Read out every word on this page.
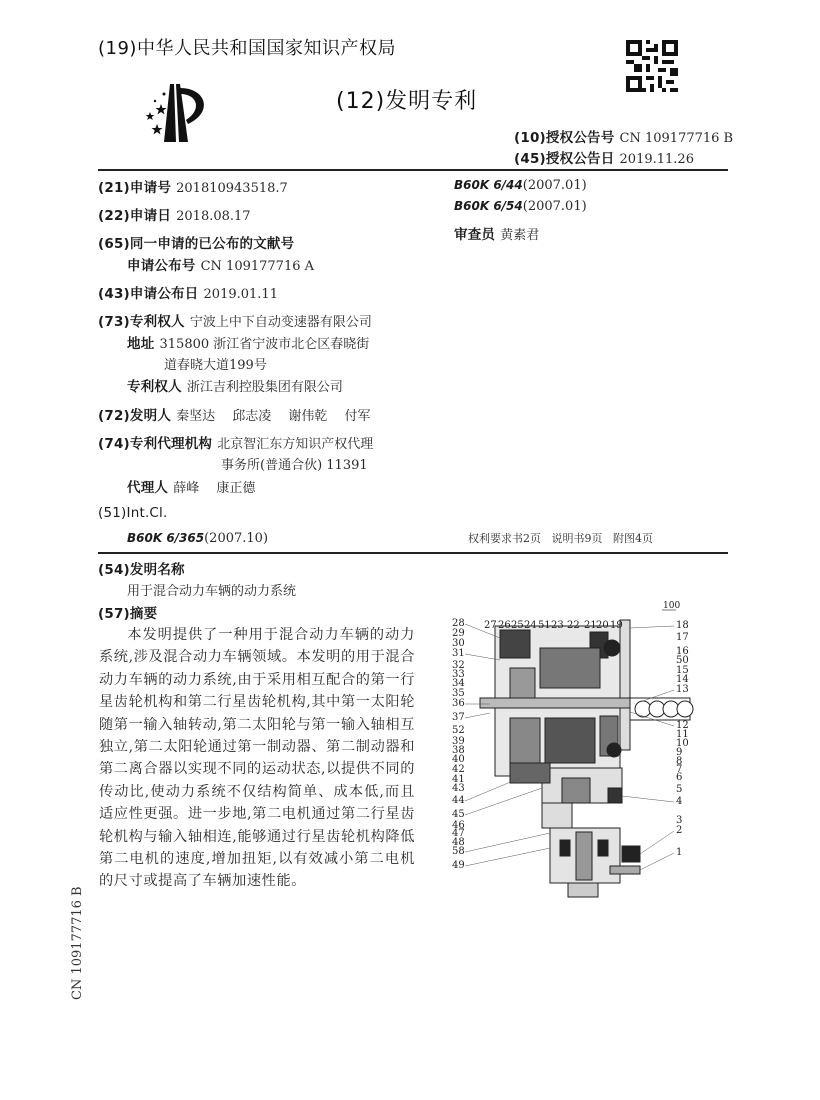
(19)中华人民共和国国家知识产权局
(12)发明专利
(10)授权公告号 CN 109177716 B
(45)授权公告日 2019.11.26
(21)申请号 201810943518.7
(22)申请日 2018.08.17
(65)同一申请的已公布的文献号
申请公布号 CN 109177716 A
(43)申请公布日 2019.01.11
(73)专利权人 宁波上中下自动变速器有限公司
地址 315800 浙江省宁波市北仑区春晓街
道春晓大道199号
专利权人 浙江吉利控股集团有限公司
(72)发明人 秦坚达 邱志凌 谢伟乾 付军
(74)专利代理机构 北京智汇东方知识产权代理
事务所(普通合伙) 11391
代理人 薛峰 康正德
(51)Int.Cl.
B60K 6/365(2007.10)	权利要求书2页   说明书9页   附图4页
B60K 6/44(2007.01)
B60K 6/54(2007.01)
审查员 黄素君
(54)发明名称
用于混合动力车辆的动力系统
(57)摘要
本发明提供了一种用于混合动力车辆的动力系统,涉及混合动力车辆领域。本发明的用于混合动力车辆的动力系统,由于采用相互配合的第一行星齿轮机构和第二行星齿轮机构,其中第一太阳轮随第一输入轴转动,第二太阳轮与第一输入轴相互独立,第二太阳轮通过第一制动器、第二制动器和第二离合器以实现不同的运动状态,以提供不同的传动比,使动力系统不仅结构简单、成本低,而且适应性更强。进一步地,第二电机通过第二行星齿轮机构与输入轴相连,能够通过行星齿轮机构降低第二电机的速度,增加扭矩,以有效减小第二电机的尺寸或提高了车辆加速性能。
100
27 26 25 24 51 23 22 21 20 19
28
29
30
31
32
33
34
35
36
37
52
39
38
40
42
41
43
44
45
46
47
48
58
49
18
17
16
50
15
14
13
12
11
10
9
8
7
6
5
4
3
2
1
CN 109177716 B
